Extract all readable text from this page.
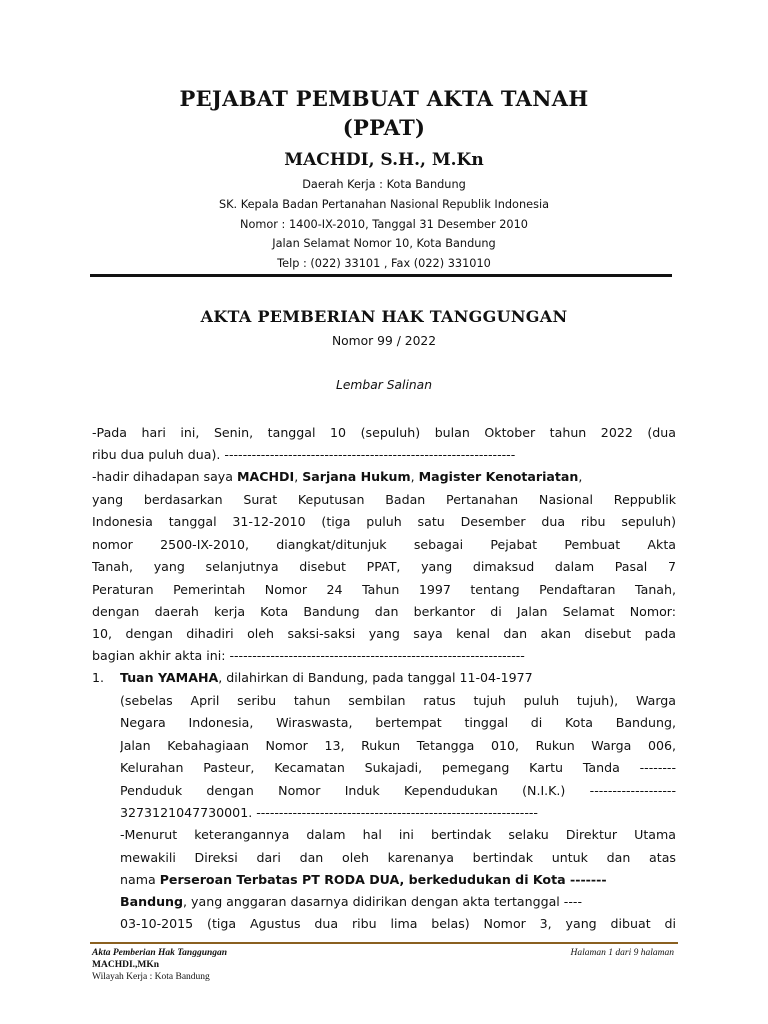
PEJABAT PEMBUAT AKTA TANAH
(PPAT)
MACHDI, S.H., M.Kn
Daerah Kerja : Kota Bandung
SK. Kepala Badan Pertanahan Nasional Republik Indonesia
Nomor : 1400-IX-2010, Tanggal 31 Desember 2010
Jalan Selamat Nomor 10, Kota Bandung
Telp : (022) 33101 , Fax (022) 331010
AKTA PEMBERIAN HAK TANGGUNGAN
Nomor 99 / 2022
Lembar Salinan
-Pada hari ini, Senin, tanggal 10 (sepuluh) bulan Oktober tahun 2022 (dua
ribu dua puluh dua). ----------------------------------------------------------------
-hadir dihadapan saya MACHDI, Sarjana Hukum, Magister Kenotariatan,
yang berdasarkan Surat Keputusan Badan Pertanahan Nasional Reppublik
Indonesia tanggal 31-12-2010 (tiga puluh satu Desember dua ribu sepuluh)
nomor 2500-IX-2010, diangkat/ditunjuk sebagai Pejabat Pembuat Akta
Tanah, yang selanjutnya disebut PPAT, yang dimaksud dalam Pasal 7
Peraturan Pemerintah Nomor 24 Tahun 1997 tentang Pendaftaran Tanah,
dengan daerah kerja Kota Bandung dan berkantor di Jalan Selamat Nomor:
10, dengan dihadiri oleh saksi-saksi yang saya kenal dan akan disebut pada
bagian akhir akta ini: -----------------------------------------------------------------
1.	Tuan YAMAHA, dilahirkan di Bandung, pada tanggal 11-04-1977
(sebelas April seribu tahun sembilan ratus tujuh puluh tujuh), Warga
Negara Indonesia, Wiraswasta, bertempat tinggal di Kota Bandung,
Jalan Kebahagiaan Nomor 13, Rukun Tetangga 010, Rukun Warga 006,
Kelurahan Pasteur, Kecamatan Sukajadi, pemegang Kartu Tanda --------
Penduduk dengan Nomor Induk Kependudukan (N.I.K.) -------------------
3273121047730001. --------------------------------------------------------------
-Menurut keterangannya dalam hal ini bertindak selaku Direktur Utama
mewakili Direksi dari dan oleh karenanya bertindak untuk dan atas
nama Perseroan Terbatas PT RODA DUA, berkedudukan di Kota -------
Bandung, yang anggaran dasarnya didirikan dengan akta tertanggal ----
03-10-2015 (tiga Agustus dua ribu lima belas) Nomor 3, yang dibuat di
Akta Pemberian Hak Tanggungan	Halaman 1 dari 9 halaman
MACHDI.,MKn
Wilayah Kerja : Kota Bandung
